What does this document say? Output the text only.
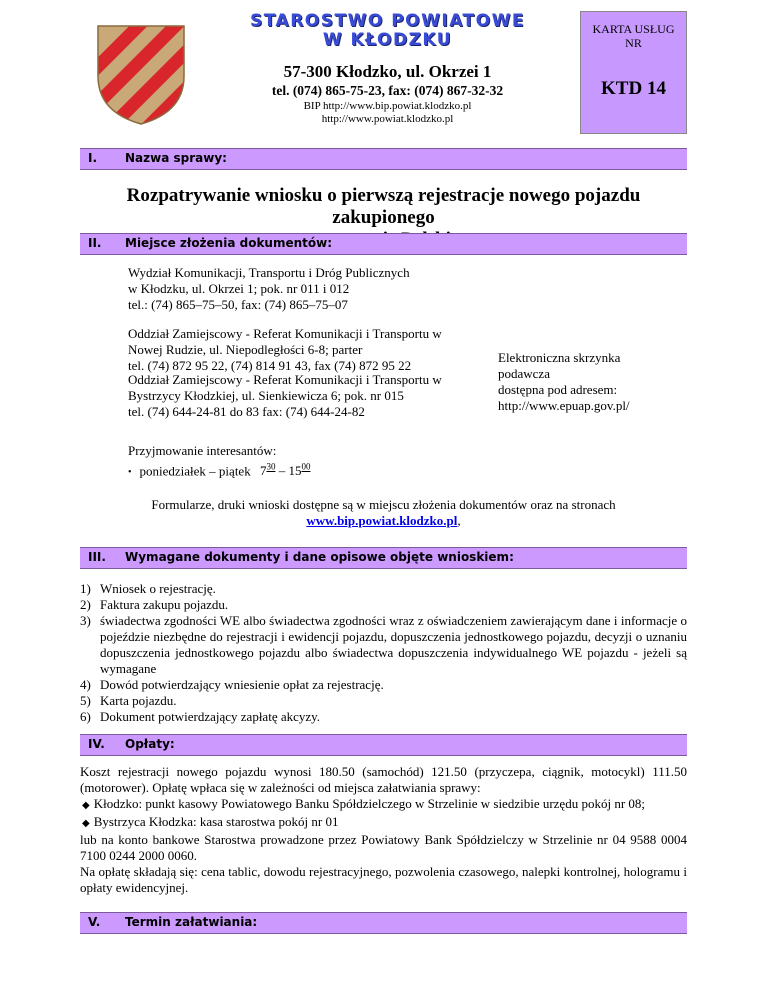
STAROSTWO POWIATOWE
W KŁODZKU
57-300 Kłodzko, ul. Okrzei 1
tel. (074) 865-75-23, fax: (074) 867-32-32
BIP http://www.bip.powiat.klodzko.pl
http://www.powiat.klodzko.pl
KARTA USŁUG
NR
KTD 14
I. Nazwa sprawy:
Rozpatrywanie wniosku o pierwszą rejestracje nowego pojazdu zakupionego
II. Miejsce złożenia dokumentów:
Wydział Komunikacji, Transportu i Dróg Publicznych
w Kłodzku, ul. Okrzei 1; pok. nr 011 i 012
tel.: (74) 865–75–50, fax: (74) 865–75–07
Oddział Zamiejscowy - Referat Komunikacji i Transportu w
Nowej Rudzie, ul. Niepodległości 6-8; parter
tel. (74) 872 95 22, (74) 814 91 43, fax (74) 872 95 22
Oddział Zamiejscowy - Referat Komunikacji i Transportu w
Bystrzycy Kłodzkiej, ul. Sienkiewicza 6; pok. nr 015
tel. (74) 644-24-81 do 83 fax: (74) 644-24-82
Elektroniczna skrzynka
podawcza
dostępna pod adresem:
http://www.epuap.gov.pl/
Przyjmowanie interesantów:
• poniedziałek – piątek $7^{30} - 15^{00}$
Formularze, druki wnioski dostępne są w miejscu złożenia dokumentów oraz na stronach
www.bip.powiat.klodzko.pl,
III. Wymagane dokumenty i dane opisowe objęte wnioskiem:
1) Wniosek o rejestrację.
2) Faktura zakupu pojazdu.
3) świadectwa zgodności WE albo świadectwa zgodności wraz z oświadczeniem zawierającym dane i informacje o pojeździe niezbędne do rejestracji i ewidencji pojazdu, dopuszczenia jednostkowego pojazdu, decyzji o uznaniu dopuszczenia jednostkowego pojazdu albo świadectwa dopuszczenia indywidualnego WE pojazdu - jeżeli są wymagane
4) Dowód potwierdzający wniesienie opłat za rejestrację.
5) Karta pojazdu.
6) Dokument potwierdzający zapłatę akcyzy.
IV. Opłaty:

Koszt rejestracji nowego pojazdu wynosi 180.50 (samochód) 121.50 (przyczepa, ciągnik, motocykl) 111.50 (motorower). Opłatę wpłaca się w zależności od miejsca załatwiania sprawy:

◆ Kłodzko: punkt kasowy Powiatowego Banku Spółdzielczego w Strzelinie w siedzibie urzędu pokój nr 08;

◆ Bystrzyca Kłodzka: kasa starostwa pokój nr 01

lub na konto bankowe Starostwa prowadzone przez Powiatowy Bank Spółdzielczy w Strzelinie nr 04 9588 0004 7100 0244 2000 0060.

Na opłatę składają się: cena tablic, dowodu rejestracyjnego, pozwolenia czasowego, nalepki kontrolnej, hologramu i opłaty ewidencyjnej.

V. Termin załatwiania:
